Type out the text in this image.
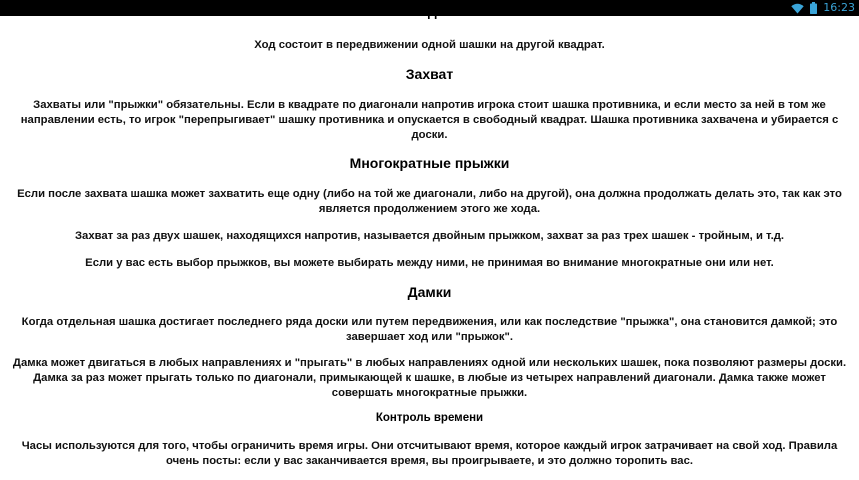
Ход состоит в передвижении одной шашки на другой квадрат.
Захват
Захваты или "прыжки" обязательны. Если в квадрате по диагонали напротив игрока стоит шашка противника, и если место за ней в том же направлении есть, то игрок "перепрыгивает" шашку противника и опускается в свободный квадрат. Шашка противника захвачена и убирается с доски.
Многократные прыжки
Если после захвата шашка может захватить еще одну (либо на той же диагонали, либо на другой), она должна продолжать делать это, так как это является продолжением этого же хода.
Захват за раз двух шашек, находящихся напротив, называется двойным прыжком, захват за раз трех шашек - тройным, и т.д.
Если у вас есть выбор прыжков, вы можете выбирать между ними, не принимая во внимание многократные они или нет.
Дамки
Когда отдельная шашка достигает последнего ряда доски или путем передвижения, или как последствие "прыжка", она становится дамкой; это завершает ход или "прыжок".
Дамка может двигаться в любых направлениях и "прыгать" в любых направлениях одной или нескольких шашек, пока позволяют размеры доски. Дамка за раз может прыгать только по диагонали, примыкающей к шашке, в любые из четырех направлений диагонали. Дамка также может совершать многократные прыжки.
Контроль времени
Часы используются для того, чтобы ограничить время игры. Они отсчитывают время, которое каждый игрок затрачивает на свой ход. Правила очень посты: если у вас заканчивается время, вы проигрываете, и это должно торопить вас.
16:23
